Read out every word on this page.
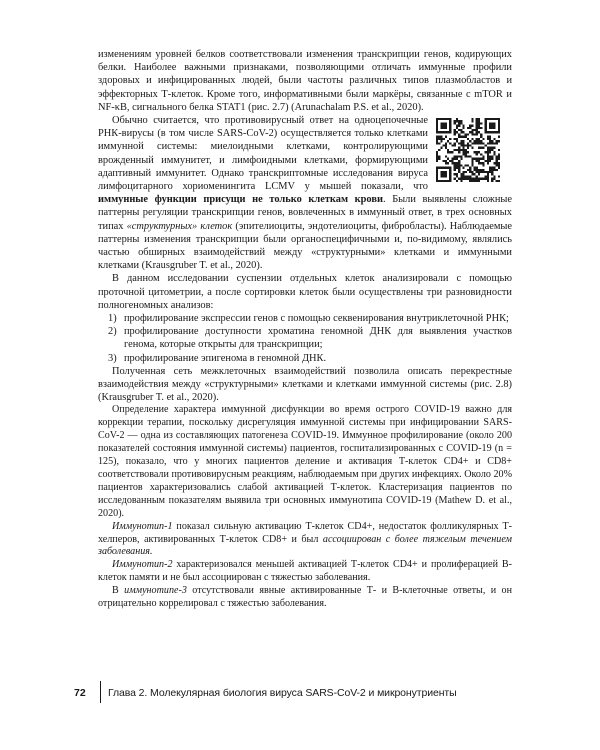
изменениям уровней белков соответствовали изменения транскрипции генов, кодирующих белки. Наиболее важными признаками, позволяющими отличать иммунные профили здоровых и инфицированных людей, были частоты различных типов плазмобластов и эффекторных Т-клеток. Кроме того, информативными были маркёры, связанные с mTOR и NF-κB, сигнального белка STAT1 (рис. 2.7) (Arunachalam P.S. et al., 2020).

Обычно считается, что противовирусный ответ на одноцепочечные РНК-вирусы (в том числе SARS-CoV-2) осуществляется только клетками иммунной системы: миелоидными клетками, контролирующими врожденный иммунитет, и лимфоидными клетками, формирующими адаптивный иммунитет. Однако транскриптомные исследования вируса лимфоцитарного хориоменингита LCMV у мышей показали, что иммунные функции присущи не только клеткам крови. Были выявлены сложные паттерны регуляции транскрипции генов, вовлеченных в иммунный ответ, в трех основных типах «структурных» клеток (эпителиоциты, эндотелиоциты, фибробласты). Наблюдаемые паттерны изменения транскрипции были органоспецифичными и, по-видимому, являлись частью обширных взаимодействий между «структурными» клетками и иммунными клетками (Krausgruber T. et al., 2020).

В данном исследовании суспензии отдельных клеток анализировали с помощью проточной цитометрии, а после сортировки клеток были осуществлены три разновидности полногеномных анализов:

1) профилирование экспрессии генов с помощью секвенирования внутриклеточной РНК;
2) профилирование доступности хроматина геномной ДНК для выявления участков генома, которые открыты для транскрипции;
3) профилирование эпигенома в геномной ДНК.

Полученная сеть межклеточных взаимодействий позволила описать перекрестные взаимодействия между «структурными» клетками и клетками иммунной системы (рис. 2.8) (Krausgruber T. et al., 2020).

Определение характера иммунной дисфункции во время острого COVID-19 важно для коррекции терапии, поскольку дисрегуляция иммунной системы при инфицировании SARS-CoV-2 — одна из составляющих патогенеза COVID-19. Иммунное профилирование (около 200 показателей состояния иммунной системы) пациентов, госпитализированных с COVID-19 (n = 125), показало, что у многих пациентов деление и активация Т-клеток CD4+ и CD8+ соответствовали противовирусным реакциям, наблюдаемым при других инфекциях. Около 20% пациентов характеризовались слабой активацией Т-клеток. Кластеризация пациентов по исследованным показателям выявила три основных иммунотипа COVID-19 (Mathew D. et al., 2020).

Иммунотип-1 показал сильную активацию Т-клеток CD4+, недостаток фолликулярных Т-хелперов, активированных Т-клеток CD8+ и был ассоциирован с более тяжелым течением заболевания.

Иммунотип-2 характеризовался меньшей активацией Т-клеток CD4+ и пролиферацией В-клеток памяти и не был ассоциирован с тяжестью заболевания.

В иммунотипе-3 отсутствовали явные активированные Т- и В-клеточные ответы, и он отрицательно коррелировал с тяжестью заболевания.

72 Глава 2. Молекулярная биология вируса SARS-CoV-2 и микронутриенты
